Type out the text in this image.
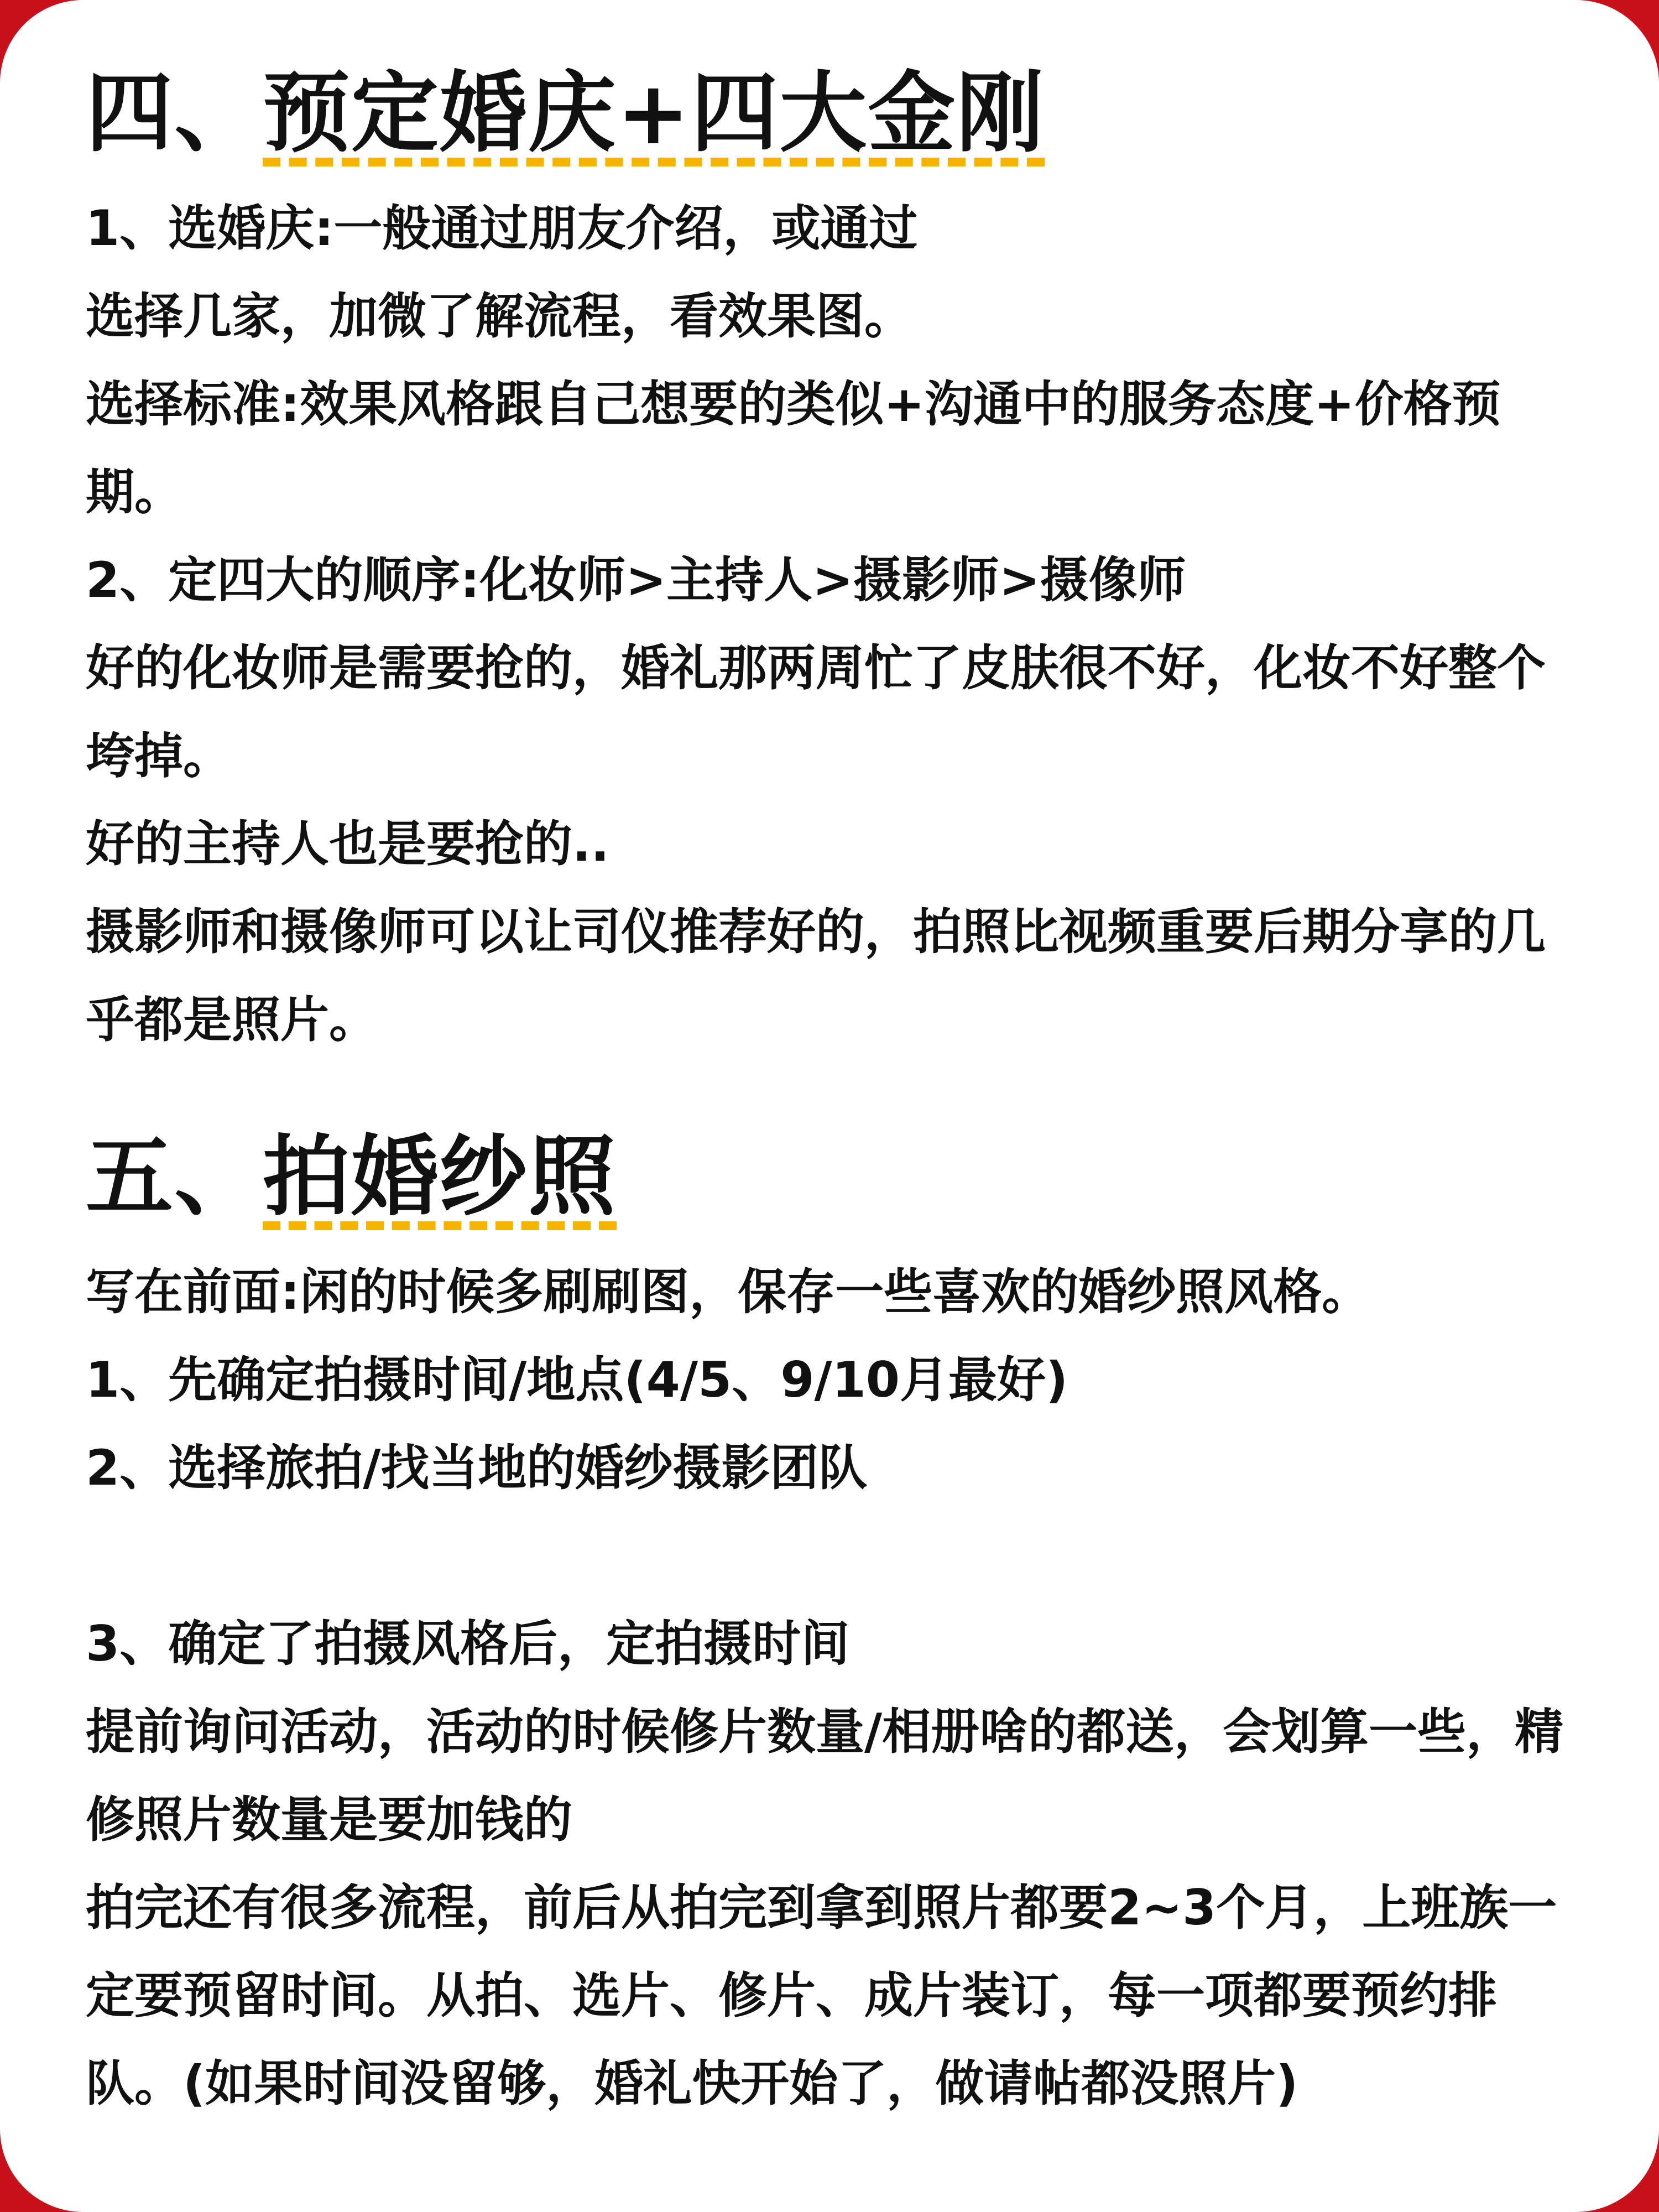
四、预定婚庆+四大金刚

1、选婚庆:一般通过朋友介绍，或通过

选择几家，加微了解流程，看效果图。

选择标准:效果风格跟自己想要的类似+沟通中的服务态度+价格预期。

2、定四大的顺序:化妆师>主持人>摄影师>摄像师

好的化妆师是需要抢的，婚礼那两周忙了皮肤很不好，化妆不好整个垮掉。

好的主持人也是要抢的..

摄影师和摄像师可以让司仪推荐好的，拍照比视频重要后期分享的几乎都是照片。

五、拍婚纱照

写在前面:闲的时候多刷刷图，保存一些喜欢的婚纱照风格。

1、先确定拍摄时间/地点(4/5、9/10月最好)

2、选择旅拍/找当地的婚纱摄影团队

3、确定了拍摄风格后，定拍摄时间

提前询问活动，活动的时候修片数量/相册啥的都送，会划算一些，精修照片数量是要加钱的

拍完还有很多流程，前后从拍完到拿到照片都要2~3个月，上班族一定要预留时间。从拍、选片、修片、成片装订，每一项都要预约排队。(如果时间没留够，婚礼快开始了，做请帖都没照片)
